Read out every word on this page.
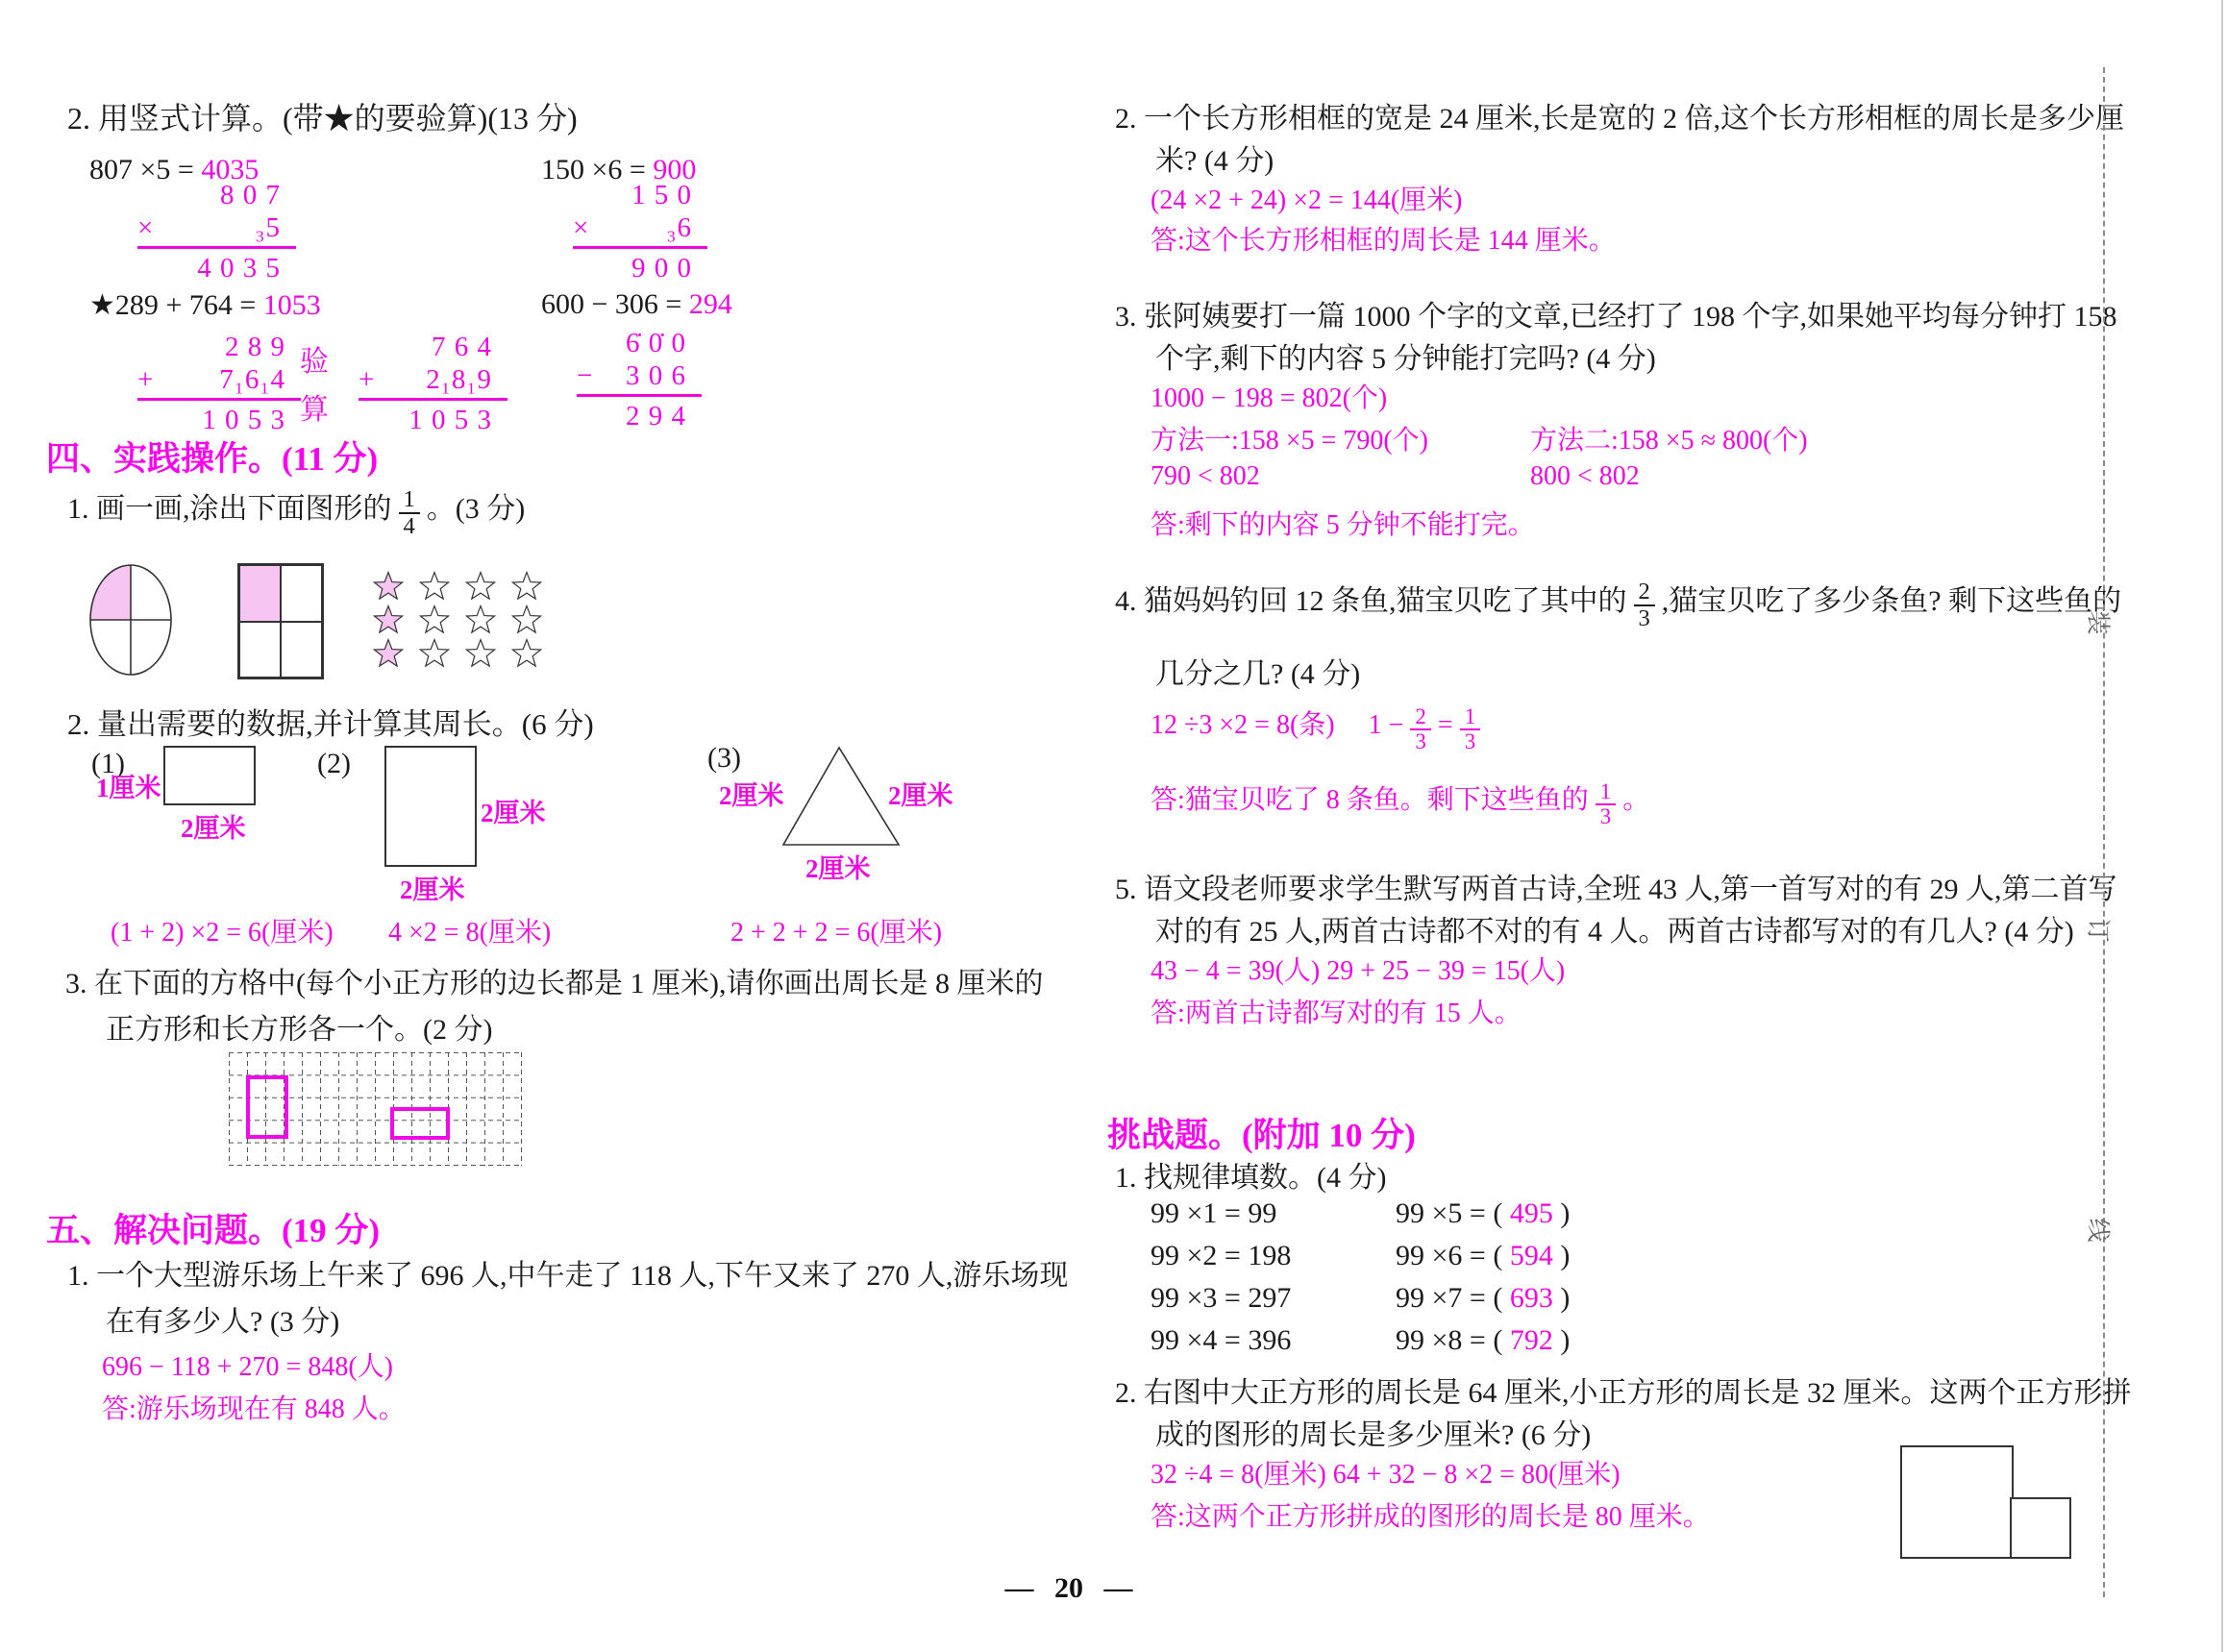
2. 用竖式计算。(带★的要验算)(13 分)
807 ×5 = 4035	150 ×6 = 900
8 0 7
×	₃5
4 0 3 5
1 5 0
×	₃6
9 0 0
★289 + 764 = 1053	600 − 306 = 294
2 8 9
+ 7₁6₁4
1 0 5 3
验
算
7 6 4
+ 2₁8₁9
1 0 5 3
6̇ 0̇ 0
− 3 0 6
2 9 4
四、实践操作。(11 分)
1. 画一画,涂出下面图形的 $\frac{1}{4}$ 。(3 分)
2. 量出需要的数据,并计算其周长。(6 分)
(1)
1厘米
2厘米
(2)
2厘米
2厘米
(3)
2厘米	2厘米
2厘米
(1 + 2) ×2 = 6(厘米) 4 ×2 = 8(厘米)	2 + 2 + 2 = 6(厘米)
3. 在下面的方格中(每个小正方形的边长都是 1 厘米),请你画出周长是 8 厘米的
正方形和长方形各一个。(2 分)
五、解决问题。(19 分)
1. 一个大型游乐场上午来了 696 人,中午走了 118 人,下午又来了 270 人,游乐场现
在有多少人? (3 分)
696 − 118 + 270 = 848(人)
答:游乐场现在有 848 人。
2. 一个长方形相框的宽是 24 厘米,长是宽的 2 倍,这个长方形相框的周长是多少厘
米? (4 分)
(24 ×2 + 24) ×2 = 144(厘米)
答:这个长方形相框的周长是 144 厘米。
3. 张阿姨要打一篇 1000 个字的文章,已经打了 198 个字,如果她平均每分钟打 158
个字,剩下的内容 5 分钟能打完吗? (4 分)
1000 − 198 = 802(个)
方法一:158 ×5 = 790(个)	方法二:158 ×5 ≈ 800(个)
790 < 802	800 < 802
答:剩下的内容 5 分钟不能打完。
4. 猫妈妈钓回 12 条鱼,猫宝贝吃了其中的 $\frac{2}{3}$ ,猫宝贝吃了多少条鱼? 剩下这些鱼的
几分之几? (4 分)
12 ÷3 ×2 = 8(条) $1 - \frac{2}{3} = \frac{1}{3}$
答:猫宝贝吃了 8 条鱼。剩下这些鱼的 $\frac{1}{3}$ 。
5. 语文段老师要求学生默写两首古诗,全班 43 人,第一首写对的有 29 人,第二首写
对的有 25 人,两首古诗都不对的有 4 人。两首古诗都写对的有几人? (4 分)
43 − 4 = 39(人) 29 + 25 − 39 = 15(人)
答:两首古诗都写对的有 15 人。
挑战题。(附加 10 分)
1. 找规律填数。(4 分)
99 ×1 = 99	99 ×5 = ( 495 )
99 ×2 = 198	99 ×6 = ( 594 )
99 ×3 = 297	99 ×7 = ( 693 )
99 ×4 = 396	99 ×8 = ( 792 )
2. 右图中大正方形的周长是 64 厘米,小正方形的周长是 32 厘米。这两个正方形拼
成的图形的周长是多少厘米? (6 分)
32 ÷4 = 8(厘米) 64 + 32 − 8 ×2 = 80(厘米)
答:这两个正方形拼成的图形的周长是 80 厘米。
装
订
线
— 20 —
